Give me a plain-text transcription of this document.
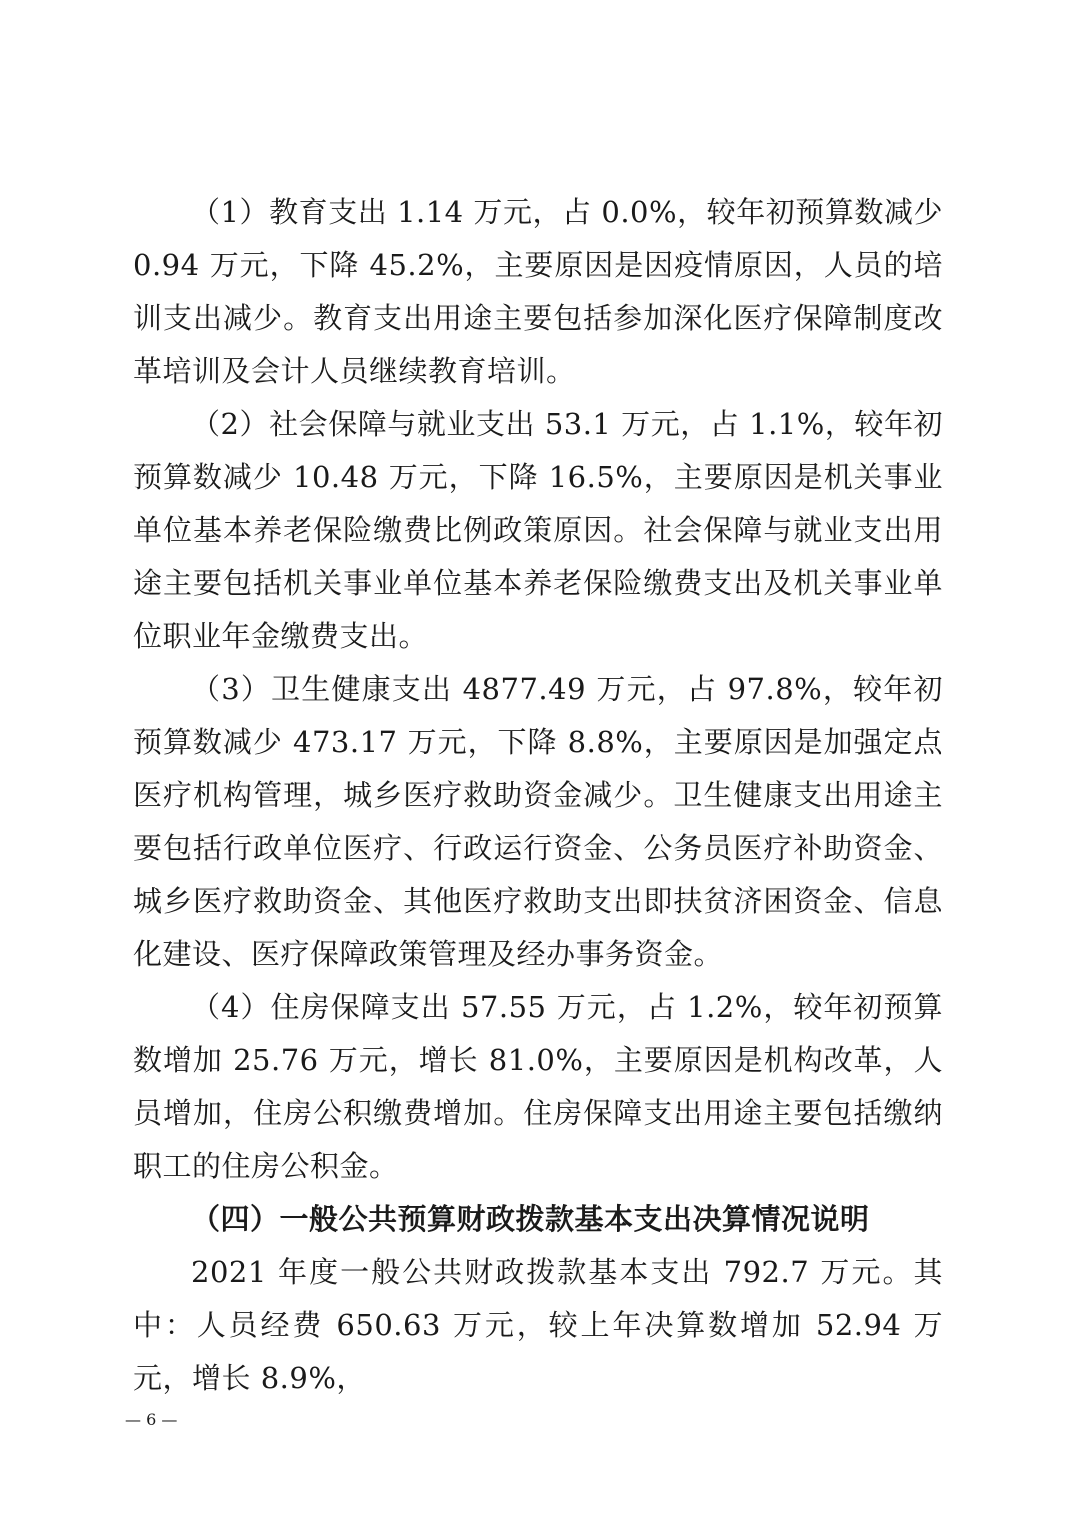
（1）教育支出 1.14 万元，占 0.0%，较年初预算数减少 0.94 万元，下降 45.2%，主要原因是因疫情原因，人员的培训支出减少。教育支出用途主要包括参加深化医疗保障制度改革培训及会计人员继续教育培训。

（2）社会保障与就业支出 53.1 万元，占 1.1%，较年初预算数减少 10.48 万元，下降 16.5%，主要原因是机关事业单位基本养老保险缴费比例政策原因。社会保障与就业支出用途主要包括机关事业单位基本养老保险缴费支出及机关事业单位职业年金缴费支出。

（3）卫生健康支出 4877.49 万元，占 97.8%，较年初预算数减少 473.17 万元，下降 8.8%，主要原因是加强定点医疗机构管理，城乡医疗救助资金减少。卫生健康支出用途主要包括行政单位医疗、行政运行资金、公务员医疗补助资金、城乡医疗救助资金、其他医疗救助支出即扶贫济困资金、信息化建设、医疗保障政策管理及经办事务资金。

（4）住房保障支出 57.55 万元，占 1.2%，较年初预算数增加 25.76 万元，增长 81.0%，主要原因是机构改革，人员增加，住房公积缴费增加。住房保障支出用途主要包括缴纳职工的住房公积金。

（四）一般公共预算财政拨款基本支出决算情况说明

2021 年度一般公共财政拨款基本支出 792.7 万元。其中：人员经费 650.63 万元，较上年决算数增加 52.94 万元，增长 8.9%，

— 6 —
